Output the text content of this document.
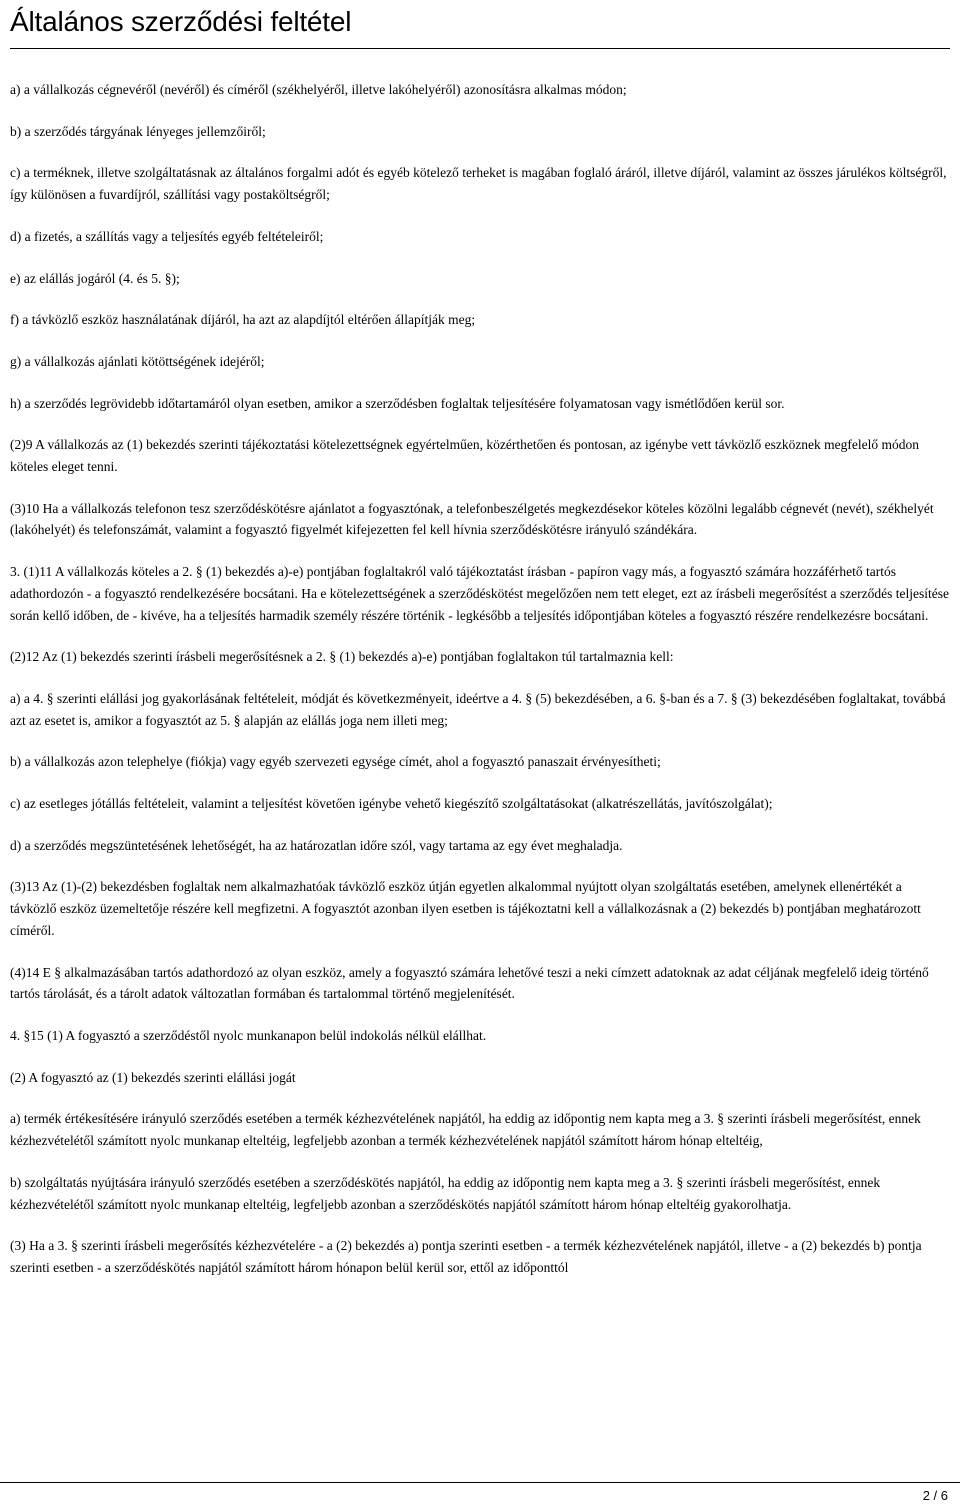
Általános szerződési feltétel

a) a vállalkozás cégnevéről (nevéről) és címéről (székhelyéről, illetve lakóhelyéről) azonosításra alkalmas módon;

b) a szerződés tárgyának lényeges jellemzőiről;

c) a terméknek, illetve szolgáltatásnak az általános forgalmi adót és egyéb kötelező terheket is magában foglaló áráról, illetve díjáról, valamint az összes járulékos költségről, így különösen a fuvardíjról, szállítási vagy postaköltségről;

d) a fizetés, a szállítás vagy a teljesítés egyéb feltételeiről;

e) az elállás jogáról (4. és 5. §);

f) a távközlő eszköz használatának díjáról, ha azt az alapdíjtól eltérően állapítják meg;

g) a vállalkozás ajánlati kötöttségének idejéről;

h) a szerződés legrövidebb időtartamáról olyan esetben, amikor a szerződésben foglaltak teljesítésére folyamatosan vagy ismétlődően kerül sor.

(2)9 A vállalkozás az (1) bekezdés szerinti tájékoztatási kötelezettségnek egyértelműen, közérthetően és pontosan, az igénybe vett távközlő eszköznek megfelelő módon köteles eleget tenni.

(3)10 Ha a vállalkozás telefonon tesz szerződéskötésre ajánlatot a fogyasztónak, a telefonbeszélgetés megkezdésekor köteles közölni legalább cégnevét (nevét), székhelyét (lakóhelyét) és telefonszámát, valamint a fogyasztó figyelmét kifejezetten fel kell hívnia szerződéskötésre irányuló szándékára.

3. (1)11 A vállalkozás köteles a 2. § (1) bekezdés a)-e) pontjában foglaltakról való tájékoztatást írásban - papíron vagy más, a fogyasztó számára hozzáférhető tartós adathordozón - a fogyasztó rendelkezésére bocsátani. Ha e kötelezettségének a szerződéskötést megelőzően nem tett eleget, ezt az írásbeli megerősítést a szerződés teljesítése során kellő időben, de - kivéve, ha a teljesítés harmadik személy részére történik - legkésőbb a teljesítés időpontjában köteles a fogyasztó részére rendelkezésre bocsátani.

(2)12 Az (1) bekezdés szerinti írásbeli megerősítésnek a 2. § (1) bekezdés a)-e) pontjában foglaltakon túl tartalmaznia kell:

a) a 4. § szerinti elállási jog gyakorlásának feltételeit, módját és következményeit, ideértve a 4. § (5) bekezdésében, a 6. §-ban és a 7. § (3) bekezdésében foglaltakat, továbbá azt az esetet is, amikor a fogyasztót az 5. § alapján az elállás joga nem illeti meg;

b) a vállalkozás azon telephelye (fiókja) vagy egyéb szervezeti egysége címét, ahol a fogyasztó panaszait érvényesítheti;

c) az esetleges jótállás feltételeit, valamint a teljesítést követően igénybe vehető kiegészítő szolgáltatásokat (alkatrészellátás, javítószolgálat);

d) a szerződés megszüntetésének lehetőségét, ha az határozatlan időre szól, vagy tartama az egy évet meghaladja.

(3)13 Az (1)-(2) bekezdésben foglaltak nem alkalmazhatóak távközlő eszköz útján egyetlen alkalommal nyújtott olyan szolgáltatás esetében, amelynek ellenértékét a távközlő eszköz üzemeltetője részére kell megfizetni. A fogyasztót azonban ilyen esetben is tájékoztatni kell a vállalkozásnak a (2) bekezdés b) pontjában meghatározott címéről.

(4)14 E § alkalmazásában tartós adathordozó az olyan eszköz, amely a fogyasztó számára lehetővé teszi a neki címzett adatoknak az adat céljának megfelelő ideig történő tartós tárolását, és a tárolt adatok változatlan formában és tartalommal történő megjelenítését.

4. §15 (1) A fogyasztó a szerződéstől nyolc munkanapon belül indokolás nélkül elállhat.

(2) A fogyasztó az (1) bekezdés szerinti elállási jogát

a) termék értékesítésére irányuló szerződés esetében a termék kézhezvételének napjától, ha eddig az időpontig nem kapta meg a 3. § szerinti írásbeli megerősítést, ennek kézhezvételétől számított nyolc munkanap elteltéig, legfeljebb azonban a termék kézhezvételének napjától számított három hónap elteltéig,

b) szolgáltatás nyújtására irányuló szerződés esetében a szerződéskötés napjától, ha eddig az időpontig nem kapta meg a 3. § szerinti írásbeli megerősítést, ennek kézhezvételétől számított nyolc munkanap elteltéig, legfeljebb azonban a szerződéskötés napjától számított három hónap elteltéig gyakorolhatja.

(3) Ha a 3. § szerinti írásbeli megerősítés kézhezvételére - a (2) bekezdés a) pontja szerinti esetben - a termék kézhezvételének napjától, illetve - a (2) bekezdés b) pontja szerinti esetben - a szerződéskötés napjától számított három hónapon belül kerül sor, ettől az időponttól

2 / 6
